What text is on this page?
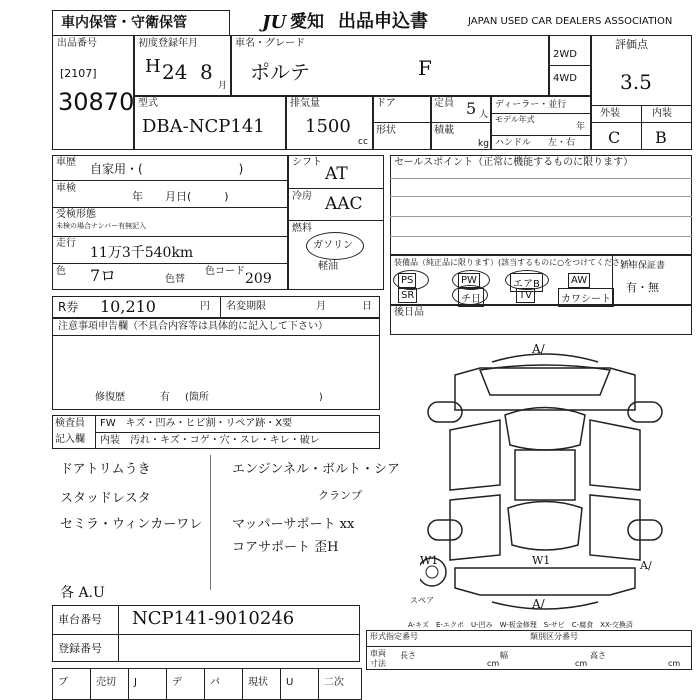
車内保管・守衛保管	JU 愛知 出品申込書	JAPAN USED CAR DEALERS ASSOCIATION
出品番号
[2107]
30870
初度登録年月
H 24 8
月
車名・グレード
ポルテ	F
2WD
4WD
評価点
3.5
外装	内装
C B
型式
DBA-NCP141
排気量
1500
cc
ドア
形状
定員 5 人
積載
kg
ディーラー・並行
モデル年式
年
ハンドル 左・右
車歴 自家用・(　　　　　　　　)
車検
年　　月日(　　　)
受検形態
未検の場合ナンバー有無記入
走行
11万3千540km
色 7ロ	色替
色コード 209
シフト
AT
冷房 AAC
燃料
ガソリン
軽油
セールスポイント（正常に機能するものに限ります）
装備品（純正品に限ります）(該当するものに○をつけてください)
PS	PW	エアB	AW
SR	チ日	TV	カワシート
新車保証書
有・無
後日品
R券 10,210	円 名変期限	月	日
注意事項申告欄（不具合内容等は具体的に記入して下さい）
修復歴	有 (箇所　　　　　　　　　　　)
検査員
記入欄
FW　キズ・凹み・ヒビ割・リペア跡・X要
内装　汚れ・キズ・コゲ・穴・スレ・キレ・破レ
ドアトリムうき
スタッドレスタ
セミラ・ウィンカーワレ
エンジンネル・ボルト・シア
クランプ
マッパーサポート xx
コアサポート 歪H
各 A.U
A/
W1	W1
A/
A/
スペア
A-キズ　E-エクボ　U-凹み　W-板金修理　S-サビ　C-腐食　XX-交換済
車台番号 NCP141-9010246
登録番号
形式指定番号	類別区分番号
車両
寸法
長さ	幅	高さ
cm	cm	cm
ブ	売切 J	デ	パ	現状 U	二次
